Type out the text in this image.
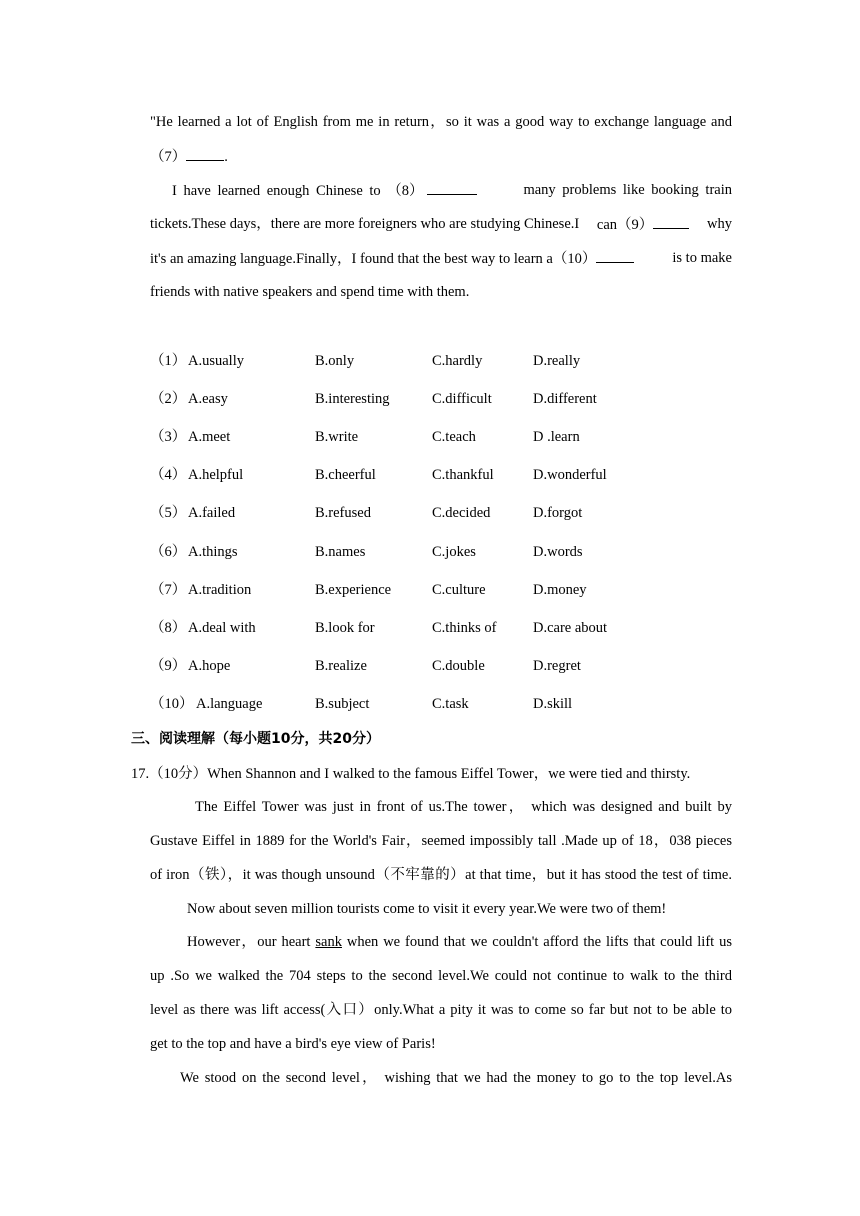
"He learned a lot of English from me in return，so it was a good way to exchange language and
（7）	.
I have learned enough Chinese to （8）	many problems like booking train
tickets.These days，there are more foreigners who are studying Chinese.I can（9）	why
it's an amazing language.Finally，I found that the best way to learn a（10）	is to make
friends with native speakers and spend time with them.
（1） A.usually	B.only	C.hardly	D.really
（2） A.easy	B.interesting	C.difficult	D.different
（3） A.meet	B.write	C.teach	D .learn
（4） A.helpful	B.cheerful	C.thankful	D.wonderful
（5） A.failed	B.refused	C.decided	D.forgot
（6） A.things	B.names	C.jokes	D.words
（7） A.tradition	B.experience	C.culture	D.money
（8） A.deal with	B.look for	C.thinks of	D.care about
（9） A.hope	B.realize	C.double	D.regret
（10） A.language	B.subject	C.task	D.skill
三、阅读理解（每小题10分，共20分）
17.（10分）When Shannon and I walked to the famous Eiffel Tower，we were tied and thirsty.
The Eiffel Tower was just in front of us.The tower， which was designed and built by
Gustave Eiffel in 1889 for the World's Fair，seemed impossibly tall .Made up of 18，038 pieces
of iron（铁），it was though unsound（不牢靠的）at that time，but it has stood the test of time.
Now about seven million tourists come to visit it every year.We were two of them!
However，our heart sank when we found that we couldn't afford the lifts that could lift us
up .So we walked the 704 steps to the second level.We could not continue to walk to the third
level as there was lift access(入口）only.What a pity it was to come so far but not to be able to
get to the top and have a bird's eye view of Paris!
We stood on the second level， wishing that we had the money to go to the top level.As
